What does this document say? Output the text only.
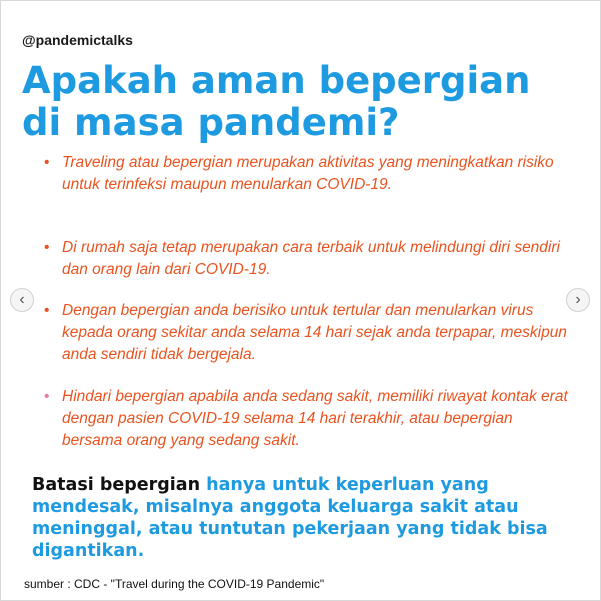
@pandemictalks
Apakah aman bepergian di masa pandemi?
• Traveling atau bepergian merupakan aktivitas yang meningkatkan risiko untuk terinfeksi maupun menularkan COVID-19.
• Di rumah saja tetap merupakan cara terbaik untuk melindungi diri sendiri dan orang lain dari COVID-19.
• Dengan bepergian anda berisiko untuk tertular dan menularkan virus kepada orang sekitar anda selama 14 hari sejak anda terpapar, meskipun anda sendiri tidak bergejala.
• Hindari bepergian apabila anda sedang sakit, memiliki riwayat kontak erat dengan pasien COVID-19 selama 14 hari terakhir, atau bepergian bersama orang yang sedang sakit.

Batasi bepergian hanya untuk keperluan yang mendesak, misalnya anggota keluarga sakit atau meninggal, atau tuntutan pekerjaan yang tidak bisa digantikan.

sumber : CDC - "Travel during the COVID-19 Pandemic"
‹	›
